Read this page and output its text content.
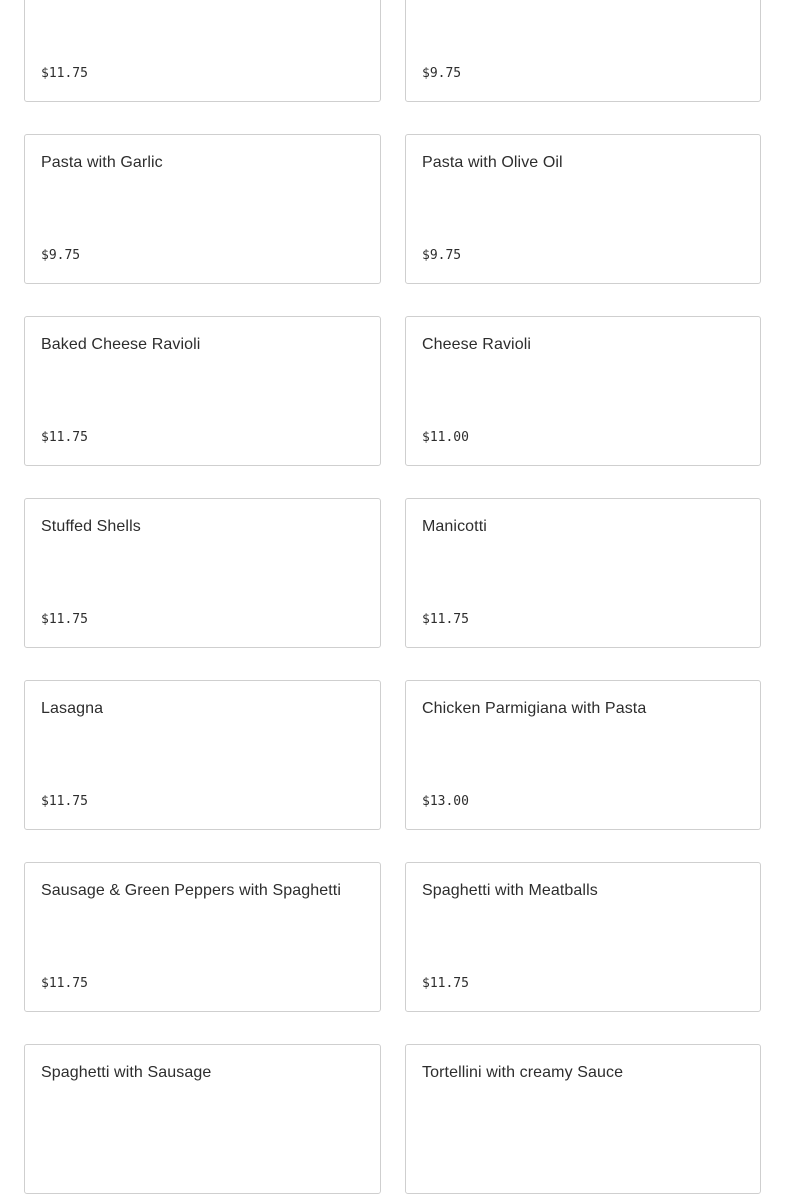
$11.75	$9.75
Pasta with Garlic
$9.75
Pasta with Olive Oil
$9.75
Baked Cheese Ravioli
$11.75
Cheese Ravioli
$11.00
Stuffed Shells
$11.75
Manicotti
$11.75
Lasagna
$11.75
Chicken Parmigiana with Pasta
$13.00
Sausage & Green Peppers with Spaghetti
$11.75
Spaghetti with Meatballs
$11.75
Spaghetti with Sausage	Tortellini with creamy Sauce
